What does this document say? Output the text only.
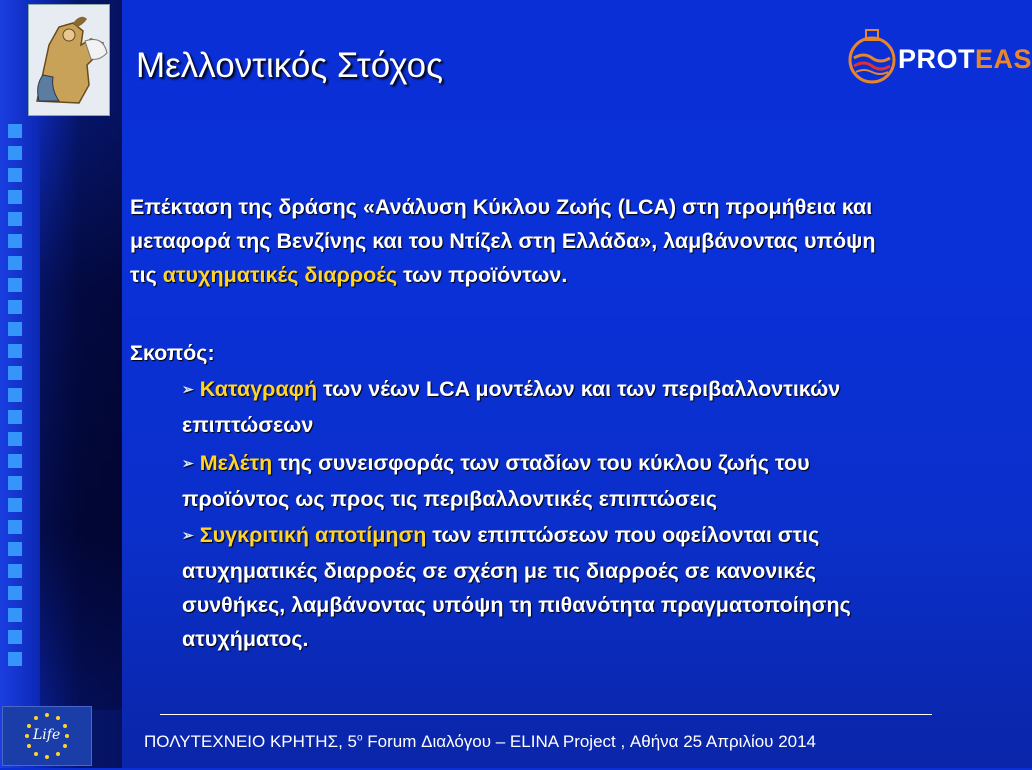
Μελλοντικός Στόχος	PROTEAS
Επέκταση της δράσης «Ανάλυση Κύκλου Ζωής (LCA) στη προμήθεια και
μεταφορά της Βενζίνης και του Ντίζελ στη Ελλάδα», λαμβάνοντας υπόψη
τις ατυχηματικές διαρροές των προϊόντων.
Σκοπός:
➢ Καταγραφή των νέων LCA μοντέλων και των περιβαλλοντικών
επιπτώσεων
➢ Μελέτη της συνεισφοράς των σταδίων του κύκλου ζωής του
προϊόντος ως προς τις περιβαλλοντικές επιπτώσεις
➢ Συγκριτική αποτίμηση των επιπτώσεων που οφείλονται στις
ατυχηματικές διαρροές σε σχέση με τις διαρροές σε κανονικές
συνθήκες, λαμβάνοντας υπόψη τη πιθανότητα πραγματοποίησης
ατυχήματος.
ΠΟΛΥΤΕΧΝΕΙΟ ΚΡΗΤΗΣ, $5^o$ Forum Διαλόγου – ELINA Project , Αθήνα 25 Απριλίου 2014
Life
